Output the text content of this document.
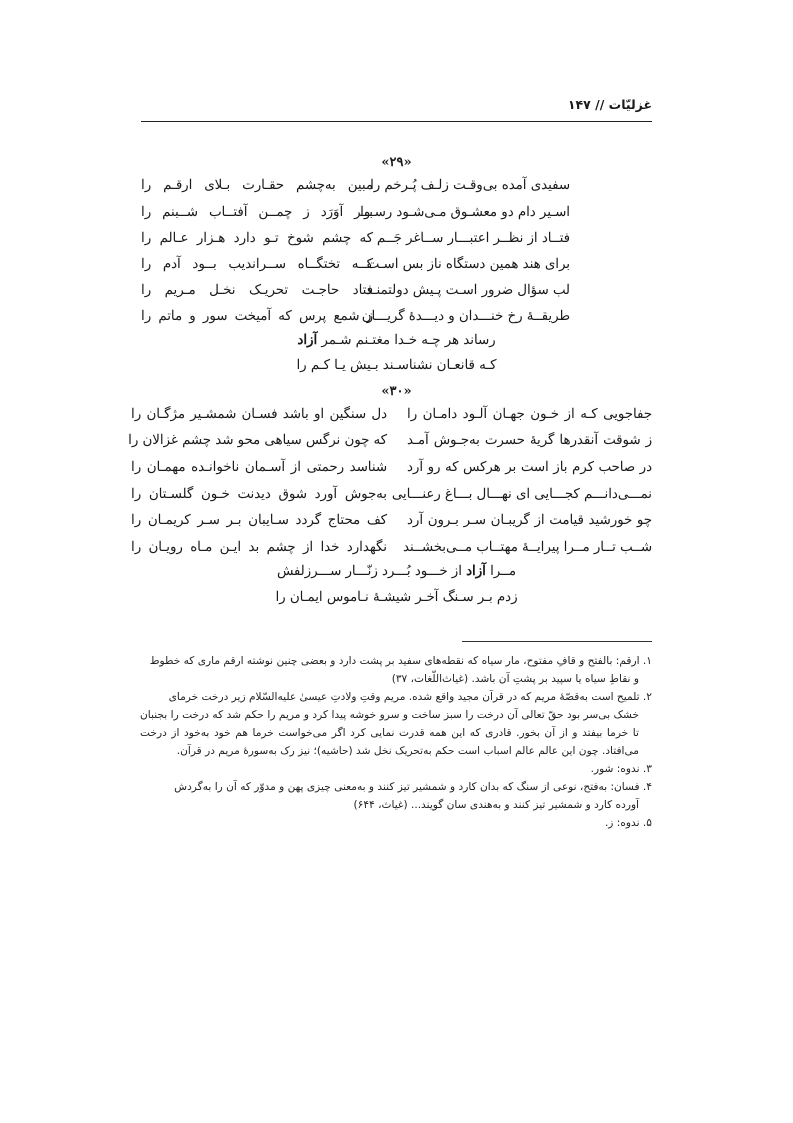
غزلیّات // ۱۴۷
«۲۹»
سفیدی آمده بی‌وقـت زلـف پُـرخم را
مبین به‌چشم حقـارت بـلای ارقـم را
اسـیر دام دو معشـوق مـی‌شـود رسـوا
بــر آوَرَد ز چمــن آفتــاب شــبنم را
فتــاد از نظــر اعتبـــار ســاغر جَــم
که چشم شوخ تـو دارد هـزار عـالم را
برای هند همین دستگاه ناز بس اسـت
کــه تختگــاه ســرانديب بــود آدم را
لب سؤال ضرور اسـت پـیش دولتمنـد
فتاد حاجـت تحریـک نخـل مـریم را
طریقــهٔ رخ خنـــدان و دیـــدهٔ گریـــان
ز شمع پرس که آمیخت سور و ماتم را
رساند هر چـه خـدا مغتـنم شـمر آزاد
کـه قانعـان نشناسـند بـیش یـا کـم را
«۳۰»
جفاجویی کـه از خـون جهـان آلـود دامـان را
دل سنگین او باشد فسـان شمشـیر مژگـان را
ز شوقت آنقدرها گریهٔ حسرت به‌جـوش آمـد
که چون نرگس سیاهی محو شد چشم غزالان را
در صاحب کرم باز است بر هرکس که رو آرد
شناسد رحمتی از آسـمان ناخوانـده مهمـان را
نمـــی‌دانـــم کجـــایی ای نهـــال بـــاغ رعنـــایی
به‌جوش آورد شوق دیدنت خـون گلسـتان را
چو خورشید قیامت از گریبـان سـر بـرون آرد
کف محتاج گردد سـایبان بـر سـر کریمـان را
شــب تــار مــرا پیرایــهٔ مهتــاب مــی‌بخشــند
نگهدارد خدا از چشم بد ایـن مـاه رویـان را
مــرا آزاد از خـــود بُـــرد زنّـــار ســـرزلفش
زدم بـر سـنگ آخـر شیشـهٔ نـاموس ایمـان را

۱. ارقم: بالفتح و قافِ مفتوح، مار سیاه که نقطه‌های سفید بر پشت دارد و بعضی چنین نوشته ارقم ماری که خطوط
و نقاطِ سیاه یا سپید بر پشتِ آن باشد. (غیاث‌اللّغات، ۳۷)

۲. تلمیح است به‌قصّهٔ مریم که در قرآن مجید واقع شده. مریم وقتِ ولادتِ عیسیٰ علیه‌السّلام زیر درخت خرمای
خشک بی‌سر بود حقّ تعالی آن درخت را سبز ساخت و سرو خوشه پیدا کرد و مریم را حکم شد که درخت را بجنبان تا خرما بیفتد و از آن بخور. قادری که این همه قدرت نمایی کرد اگر می‌خواست خرما هم خود به‌خود از درخت می‌افتاد. چون این عالم عالم اسباب است حکم به‌تحریک نخل شد (حاشیه)؛ نیز رک به‌سورهٔ مریم در قرآن.

۳. ندوه: شور.

۴. فسان: به‌فتح، نوعی از سنگ که بدان کارد و شمشیر تیز کنند و به‌معنی چیزی پهن و مدوّر که آن را به‌گردش
آورده کارد و شمشیر تیز کنند و به‌هندی سان گویند... (غیاث، ۶۴۴)

۵. ندوه: ز.
